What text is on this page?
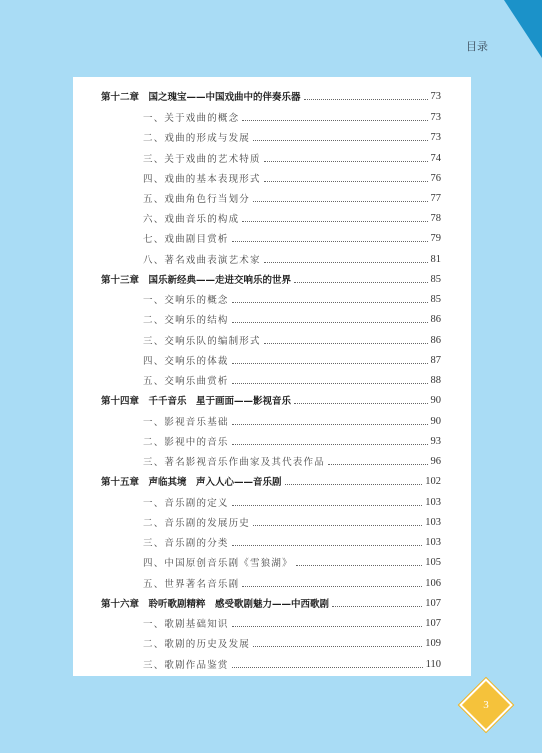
目录
第十二章　国之瑰宝——中国戏曲中的伴奏乐器	73
一、关于戏曲的概念	73
二、戏曲的形成与发展	73
三、关于戏曲的艺术特质	74
四、戏曲的基本表现形式	76
五、戏曲角色行当划分	77
六、戏曲音乐的构成	78
七、戏曲剧目赏析	79
八、著名戏曲表演艺术家	81
第十三章　国乐新经典——走进交响乐的世界	85
一、交响乐的概念	85
二、交响乐的结构	86
三、交响乐队的编制形式	86
四、交响乐的体裁	87
五、交响乐曲赏析	88
第十四章　千千音乐　星于画面——影视音乐	90
一、影视音乐基础	90
二、影视中的音乐	93
三、著名影视音乐作曲家及其代表作品	96
第十五章　声临其境　声入人心——音乐剧	102
一、音乐剧的定义	103
二、音乐剧的发展历史	103
三、音乐剧的分类	103
四、中国原创音乐剧《雪狼湖》	105
五、世界著名音乐剧	106
第十六章　聆听歌剧精粹　感受歌剧魅力——中西歌剧	107
一、歌剧基础知识	107
二、歌剧的历史及发展	109
三、歌剧作品鉴赏	110
3
